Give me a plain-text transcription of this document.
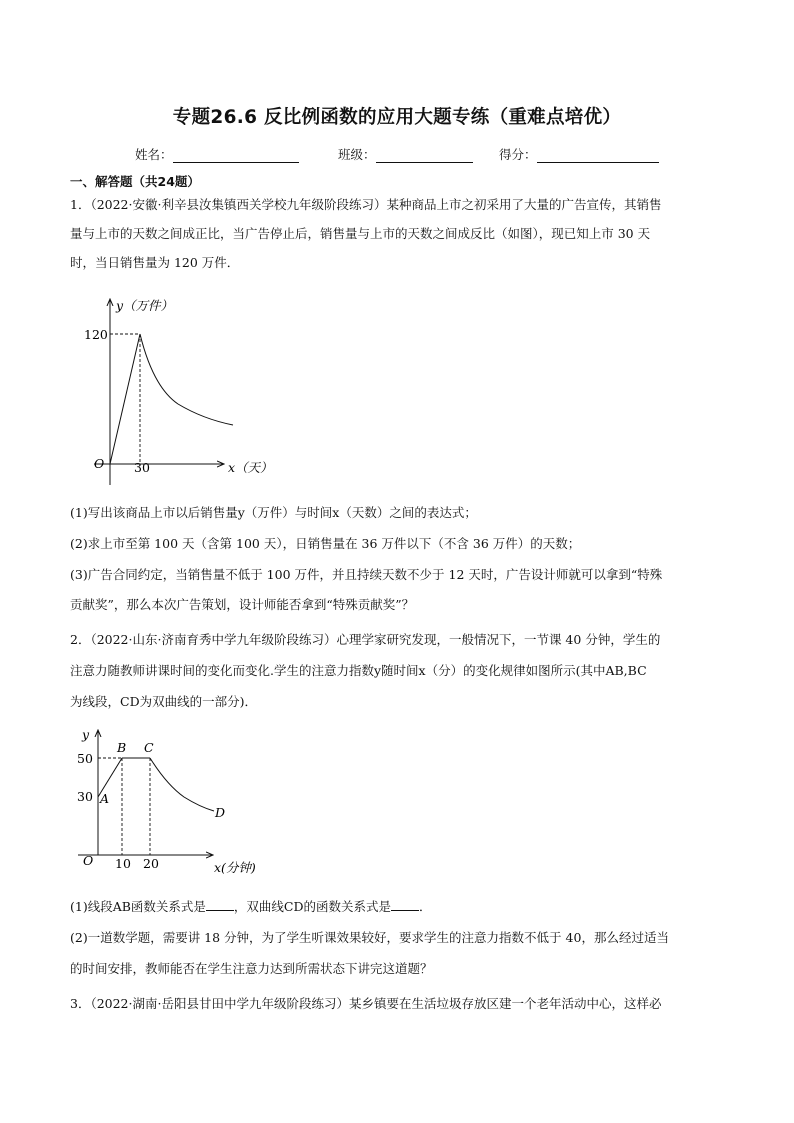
专题26.6 反比例函数的应用大题专练（重难点培优）
姓名：	班级：	得分：
一、解答题（共24题）

1．（2022·安徽·利辛县汝集镇西关学校九年级阶段练习）某种商品上市之初采用了大量的广告宣传，其销售

量与上市的天数之间成正比，当广告停止后，销售量与上市的天数之间成反比（如图），现已知上市 30 天

时，当日销售量为 120 万件．

y（万件）
120
O 30	x（天）

(1)写出该商品上市以后销售量y（万件）与时间x（天数）之间的表达式；

(2)求上市至第 100 天（含第 100 天），日销售量在 36 万件以下（不含 36 万件）的天数；

(3)广告合同约定，当销售量不低于 100 万件，并且持续天数不少于 12 天时，广告设计师就可以拿到“特殊

贡献奖”，那么本次广告策划，设计师能否拿到“特殊贡献奖”？

2．（2022·山东·济南育秀中学九年级阶段练习）心理学家研究发现，一般情况下，一节课 40 分钟，学生的

注意力随教师讲课时间的变化而变化.学生的注意力指数y随时间x（分）的变化规律如图所示(其中AB,BC

为线段，CD为双曲线的一部分)．

y
50
30 A
B C
D
O 10 20	x(分钟)

(1)线段AB函数关系式是 ，双曲线CD的函数关系式是 ．

(2)一道数学题，需要讲 18 分钟，为了学生听课效果较好，要求学生的注意力指数不低于 40，那么经过适当

的时间安排，教师能否在学生注意力达到所需状态下讲完这道题？

3．（2022·湖南·岳阳县甘田中学九年级阶段练习）某乡镇要在生活垃圾存放区建一个老年活动中心，这样必
